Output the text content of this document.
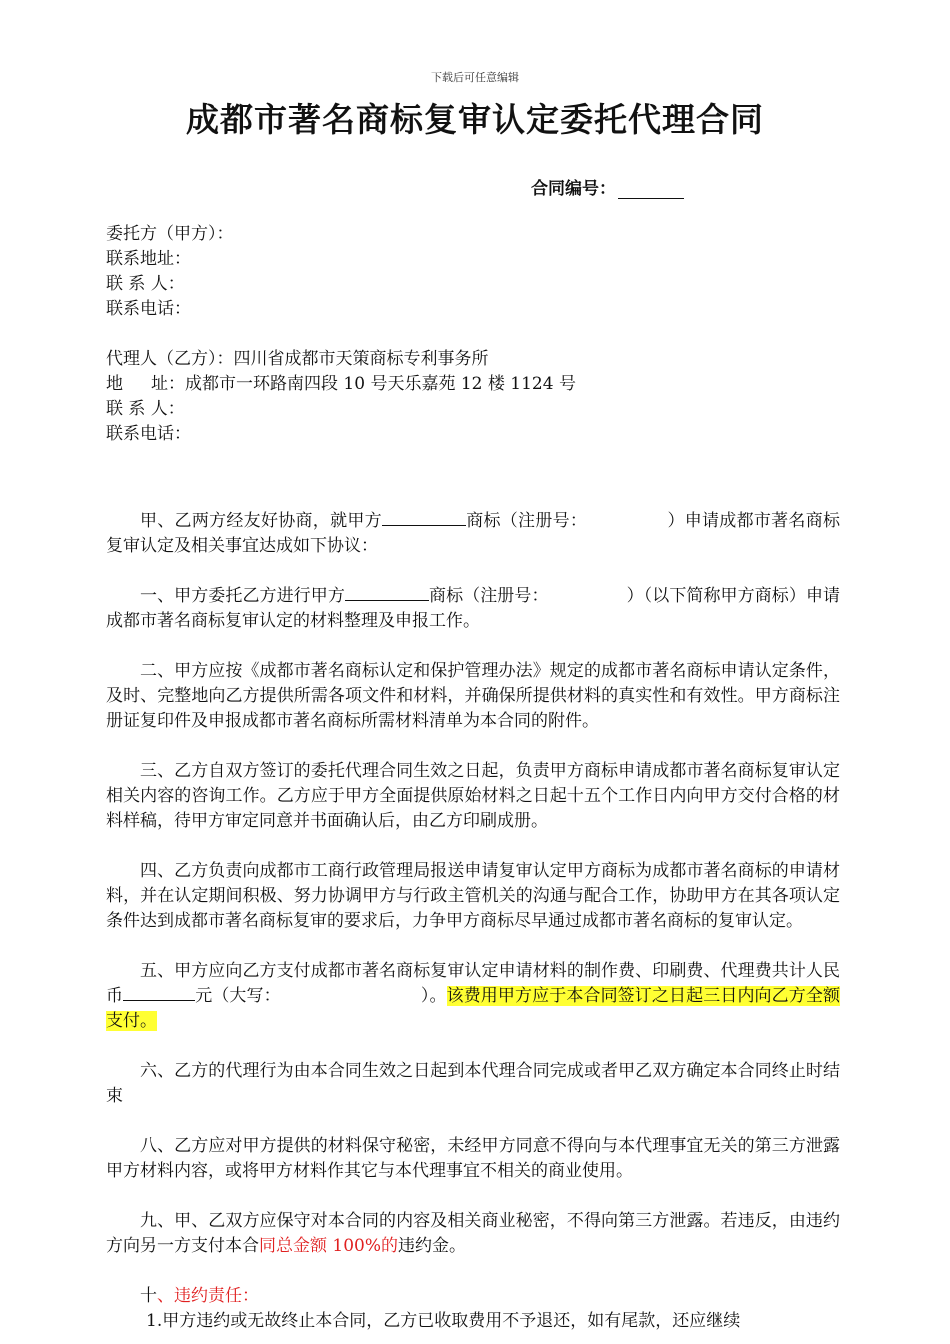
下载后可任意编辑
成都市著名商标复审认定委托代理合同
合同编号：
委托方（甲方）：
联系地址：
联 系 人：
联系电话：
代理人（乙方）：四川省成都市天策商标专利事务所
地 址：成都市一环路南四段 10 号天乐嘉苑 12 楼 1124 号
联 系 人：
联系电话：
甲、乙两方经友好协商，就甲方	商标（注册号：	）申请成都市著名商标复审认定及相关事宜达成如下协议：
一、甲方委托乙方进行甲方	商标（注册号：	）（以下简称甲方商标）申请成都市著名商标复审认定的材料整理及申报工作。
二、甲方应按《成都市著名商标认定和保护管理办法》规定的成都市著名商标申请认定条件，及时、完整地向乙方提供所需各项文件和材料，并确保所提供材料的真实性和有效性。甲方商标注册证复印件及申报成都市著名商标所需材料清单为本合同的附件。
三、乙方自双方签订的委托代理合同生效之日起，负责甲方商标申请成都市著名商标复审认定相关内容的咨询工作。乙方应于甲方全面提供原始材料之日起十五个工作日内向甲方交付合格的材料样稿，待甲方审定同意并书面确认后，由乙方印刷成册。
四、乙方负责向成都市工商行政管理局报送申请复审认定甲方商标为成都市著名商标的申请材料，并在认定期间积极、努力协调甲方与行政主管机关的沟通与配合工作，协助甲方在其各项认定条件达到成都市著名商标复审的要求后，力争甲方商标尽早通过成都市著名商标的复审认定。
五、甲方应向乙方支付成都市著名商标复审认定申请材料的制作费、印刷费、代理费共计人民币	元（大写：	）。该费用甲方应于本合同签订之日起三日内向乙方全额支付。
六、乙方的代理行为由本合同生效之日起到本代理合同完成或者甲乙双方确定本合同终止时结束
八、乙方应对甲方提供的材料保守秘密，未经甲方同意不得向与本代理事宜无关的第三方泄露甲方材料内容，或将甲方材料作其它与本代理事宜不相关的商业使用。
九、甲、乙双方应保守对本合同的内容及相关商业秘密，不得向第三方泄露。若违反，由违约方向另一方支付本合同总金额 100%的违约金。
十、违约责任：
1.甲方违约或无故终止本合同，乙方已收取费用不予退还，如有尾款，还应继续
